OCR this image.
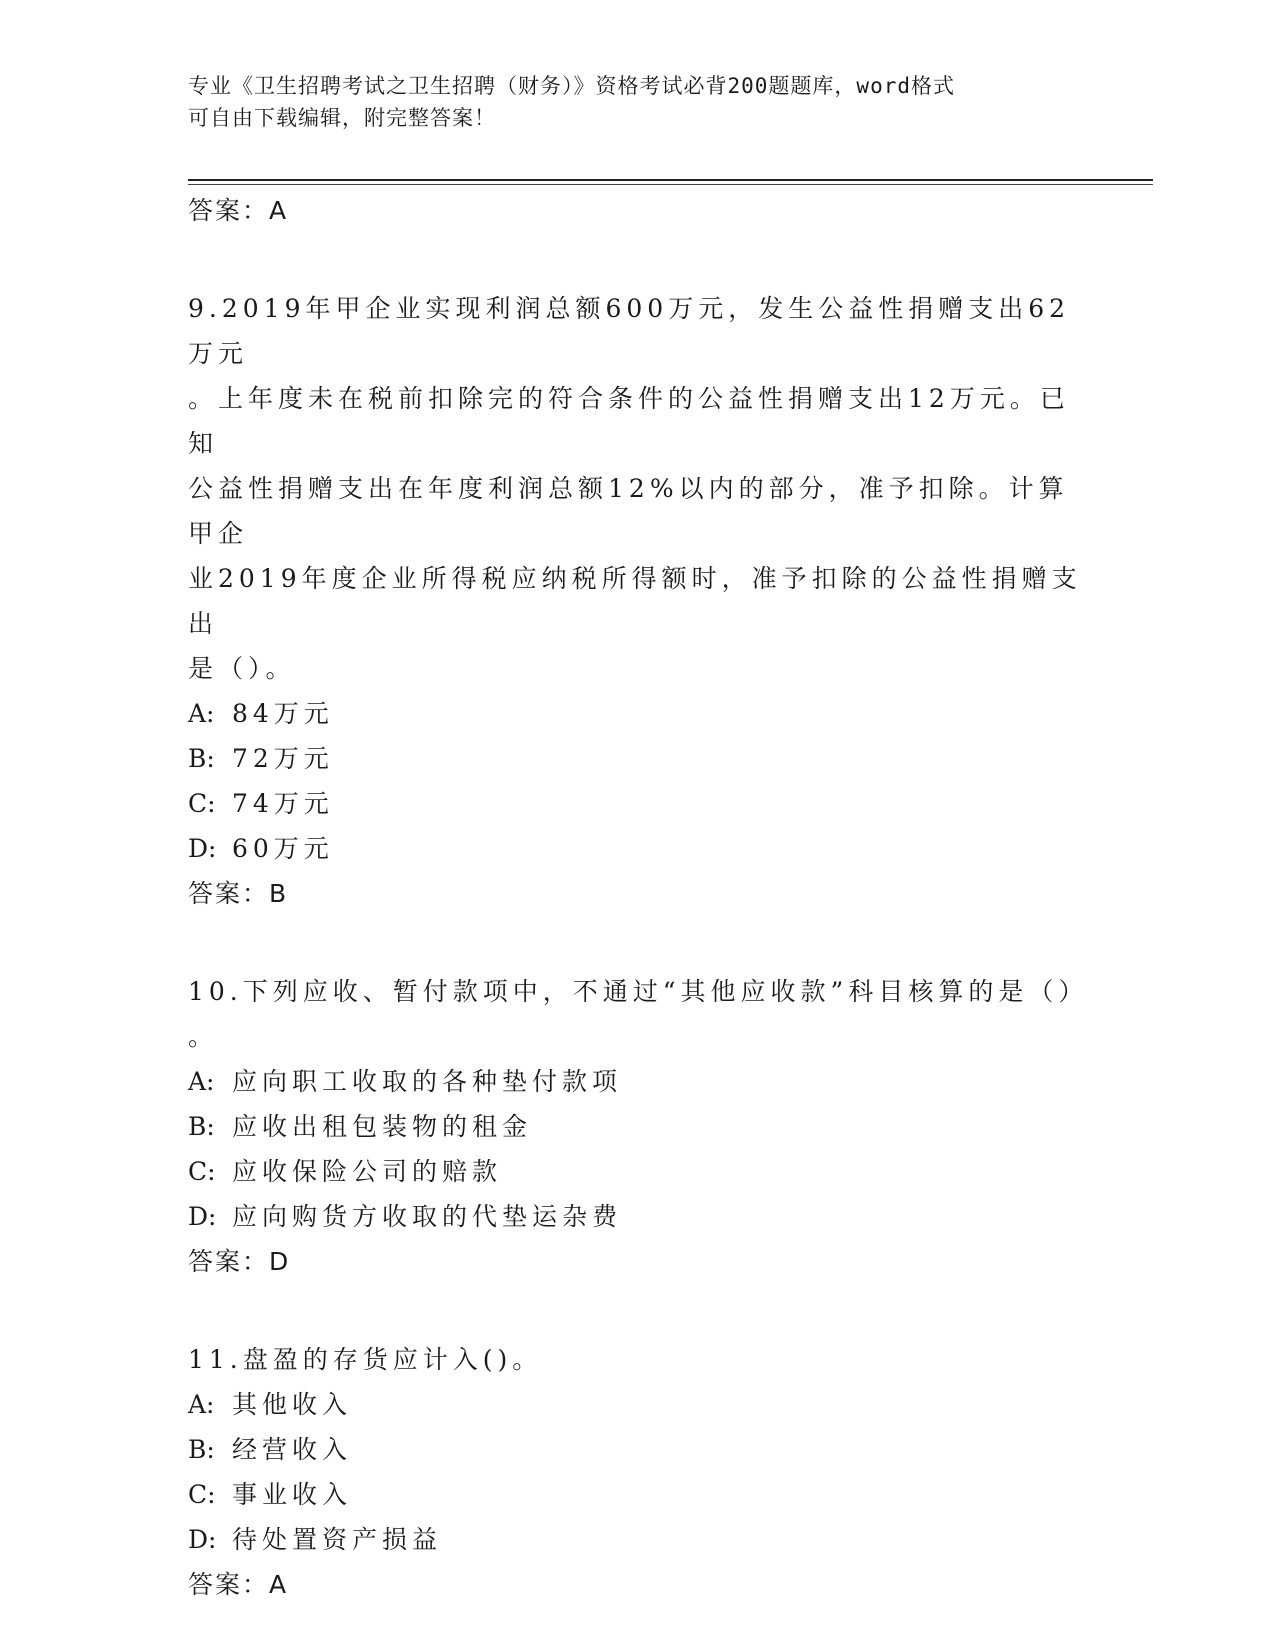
专业《卫生招聘考试之卫生招聘（财务）》资格考试必背200题题库，word格式
可自由下载编辑，附完整答案！
答案：A
9.2019年甲企业实现利润总额600万元，发生公益性捐赠支出62万元
。上年度未在税前扣除完的符合条件的公益性捐赠支出12万元。已知
公益性捐赠支出在年度利润总额12%以内的部分，准予扣除。计算甲企
业2019年度企业所得税应纳税所得额时，准予扣除的公益性捐赠支出
是（）。
A: 84万元
B: 72万元
C: 74万元
D: 60万元
答案：B
10.下列应收、暂付款项中，不通过“其他应收款”科目核算的是（）
。
A: 应向职工收取的各种垫付款项
B: 应收出租包装物的租金
C: 应收保险公司的赔款
D: 应向购货方收取的代垫运杂费
答案：D
11.盘盈的存货应计入()。
A: 其他收入
B: 经营收入
C: 事业收入
D: 待处置资产损益
答案：A
